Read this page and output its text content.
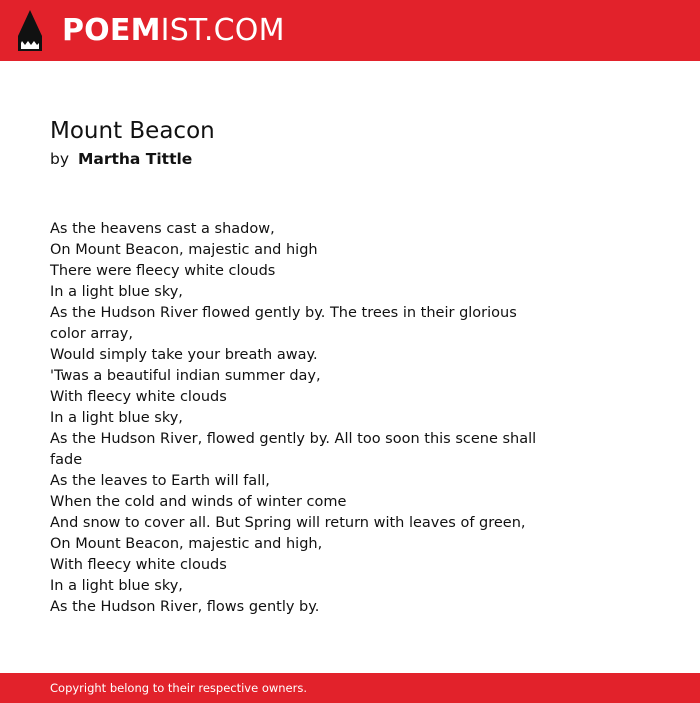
POEMIST.COM
Mount Beacon
by Martha Tittle
As the heavens cast a shadow,
On Mount Beacon, majestic and high
There were fleecy white clouds
In a light blue sky,
As the Hudson River flowed gently by. The trees in their glorious color array,
Would simply take your breath away.
'Twas a beautiful indian summer day,
With fleecy white clouds
In a light blue sky,
As the Hudson River, flowed gently by. All too soon this scene shall fade
As the leaves to Earth will fall,
When the cold and winds of winter come
And snow to cover all. But Spring will return with leaves of green,
On Mount Beacon, majestic and high,
With fleecy white clouds
In a light blue sky,
As the Hudson River, flows gently by.
Copyright belong to their respective owners.
